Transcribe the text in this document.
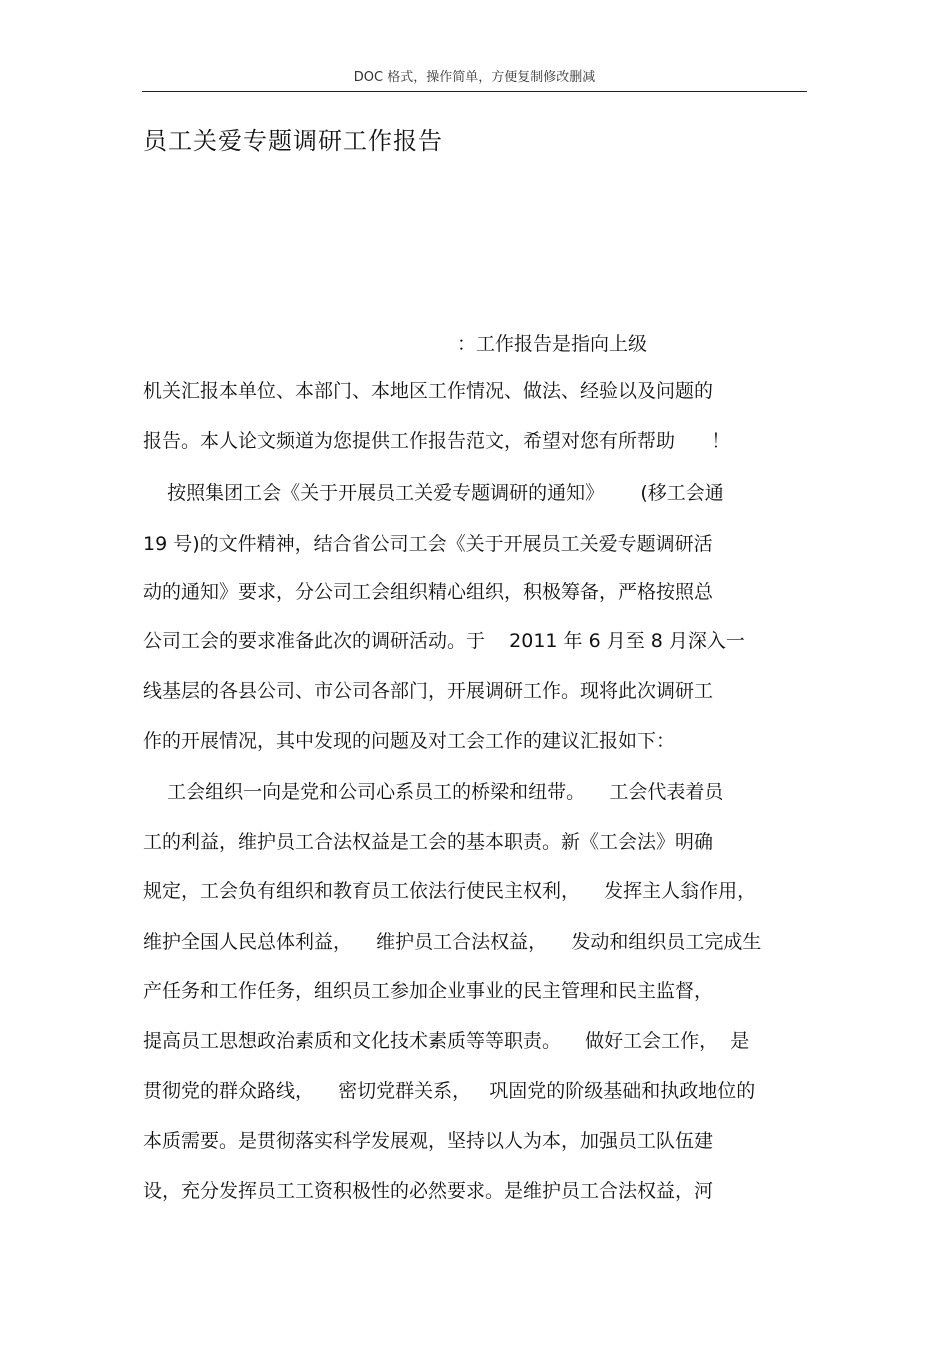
DOC 格式，操作简单，方便复制修改删减
员工关爱专题调研工作报告
：工作报告是指向上级
机关汇报本单位、本部门、本地区工作情况、做法、经验以及问题的
报告。本人论文频道为您提供工作报告范文，希望对您有所帮助      ！
按照集团工会《关于开展员工关爱专题调研的通知》      (移工会通
19 号)的文件精神，结合省公司工会《关于开展员工关爱专题调研活
动的通知》要求，分公司工会组织精心组织，积极筹备，严格按照总
公司工会的要求准备此次的调研活动。于    2011 年 6 月至 8 月深入一
线基层的各县公司、市公司各部门，开展调研工作。现将此次调研工
作的开展情况，其中发现的问题及对工会工作的建议汇报如下：
工会组织一向是党和公司心系员工的桥梁和纽带。    工会代表着员
工的利益，维护员工合法权益是工会的基本职责。新《工会法》明确
规定，工会负有组织和教育员工依法行使民主权利，    发挥主人翁作用，
维护全国人民总体利益，    维护员工合法权益，    发动和组织员工完成生
产任务和工作任务，组织员工参加企业事业的民主管理和民主监督，
提高员工思想政治素质和文化技术素质等等职责。    做好工会工作，  是
贯彻党的群众路线，    密切党群关系，   巩固党的阶级基础和执政地位的
本质需要。是贯彻落实科学发展观，坚持以人为本，加强员工队伍建
设，充分发挥员工工资积极性的必然要求。是维护员工合法权益，河
